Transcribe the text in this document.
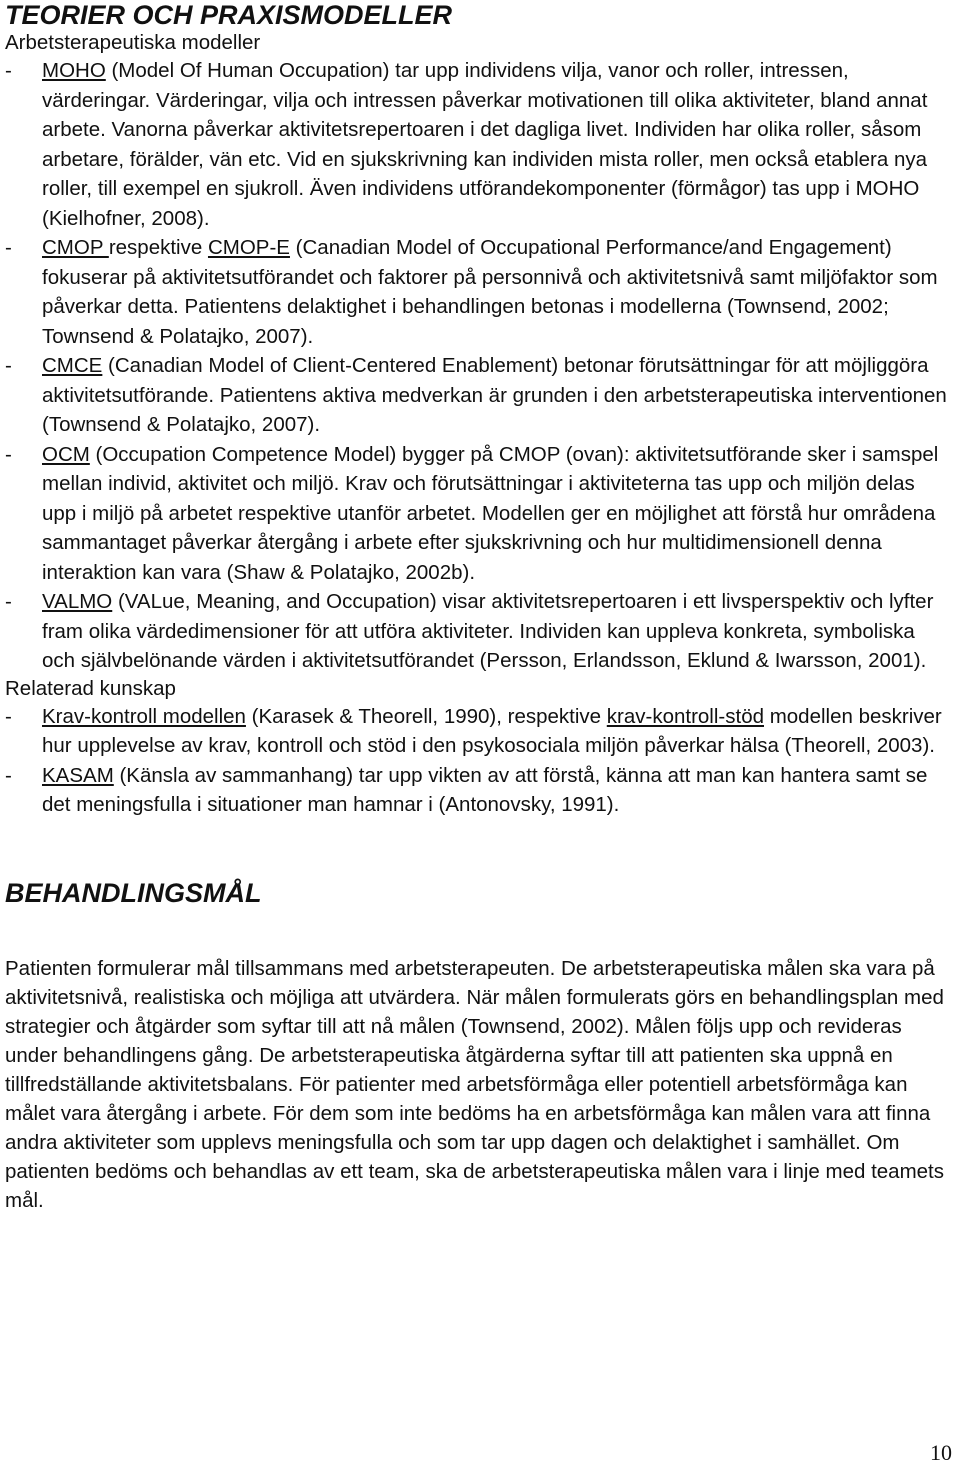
TEORIER OCH PRAXISMODELLER

Arbetsterapeutiska modeller

- MOHO (Model Of Human Occupation) tar upp individens vilja, vanor och roller, intressen, värderingar. Värderingar, vilja och intressen påverkar motivationen till olika aktiviteter, bland annat arbete. Vanorna påverkar aktivitetsrepertoaren i det dagliga livet. Individen har olika roller, såsom arbetare, förälder, vän etc. Vid en sjukskrivning kan individen mista roller, men också etablera nya roller, till exempel en sjukroll. Även individens utförandekomponenter (förmågor) tas upp i MOHO (Kielhofner, 2008).

- CMOP respektive CMOP-E (Canadian Model of Occupational Performance/and Engagement) fokuserar på aktivitetsutförandet och faktorer på personnivå och aktivitetsnivå samt miljöfaktor som påverkar detta. Patientens delaktighet i behandlingen betonas i modellerna (Townsend, 2002; Townsend & Polatajko, 2007).

- CMCE (Canadian Model of Client-Centered Enablement) betonar förutsättningar för att möjliggöra aktivitetsutförande. Patientens aktiva medverkan är grunden i den arbetsterapeutiska interventionen (Townsend & Polatajko, 2007).

- OCM (Occupation Competence Model) bygger på CMOP (ovan): aktivitetsutförande sker i samspel mellan individ, aktivitet och miljö. Krav och förutsättningar i aktiviteterna tas upp och miljön delas upp i miljö på arbetet respektive utanför arbetet. Modellen ger en möjlighet att förstå hur områdena sammantaget påverkar återgång i arbete efter sjukskrivning och hur multidimensionell denna interaktion kan vara (Shaw & Polatajko, 2002b).

- VALMO (VALue, Meaning, and Occupation) visar aktivitetsrepertoaren i ett livsperspektiv och lyfter fram olika värdedimensioner för att utföra aktiviteter. Individen kan uppleva konkreta, symboliska och självbelönande värden i aktivitetsutförandet (Persson, Erlandsson, Eklund & Iwarsson, 2001).

Relaterad kunskap

- Krav-kontroll modellen (Karasek & Theorell, 1990), respektive krav-kontroll-stöd modellen beskriver hur upplevelse av krav, kontroll och stöd i den psykosociala miljön påverkar hälsa (Theorell, 2003).

- KASAM (Känsla av sammanhang) tar upp vikten av att förstå, känna att man kan hantera samt se det meningsfulla i situationer man hamnar i (Antonovsky, 1991).

BEHANDLINGSMÅL

Patienten formulerar mål tillsammans med arbetsterapeuten. De arbetsterapeutiska målen ska vara på aktivitetsnivå, realistiska och möjliga att utvärdera. När målen formulerats görs en behandlingsplan med strategier och åtgärder som syftar till att nå målen (Townsend, 2002). Målen följs upp och revideras under behandlingens gång. De arbetsterapeutiska åtgärderna syftar till att patienten ska uppnå en tillfredställande aktivitetsbalans. För patienter med arbetsförmåga eller potentiell arbetsförmåga kan målet vara återgång i arbete. För dem som inte bedöms ha en arbetsförmåga kan målen vara att finna andra aktiviteter som upplevs meningsfulla och som tar upp dagen och delaktighet i samhället. Om patienten bedöms och behandlas av ett team, ska de arbetsterapeutiska målen vara i linje med teamets mål.

10
